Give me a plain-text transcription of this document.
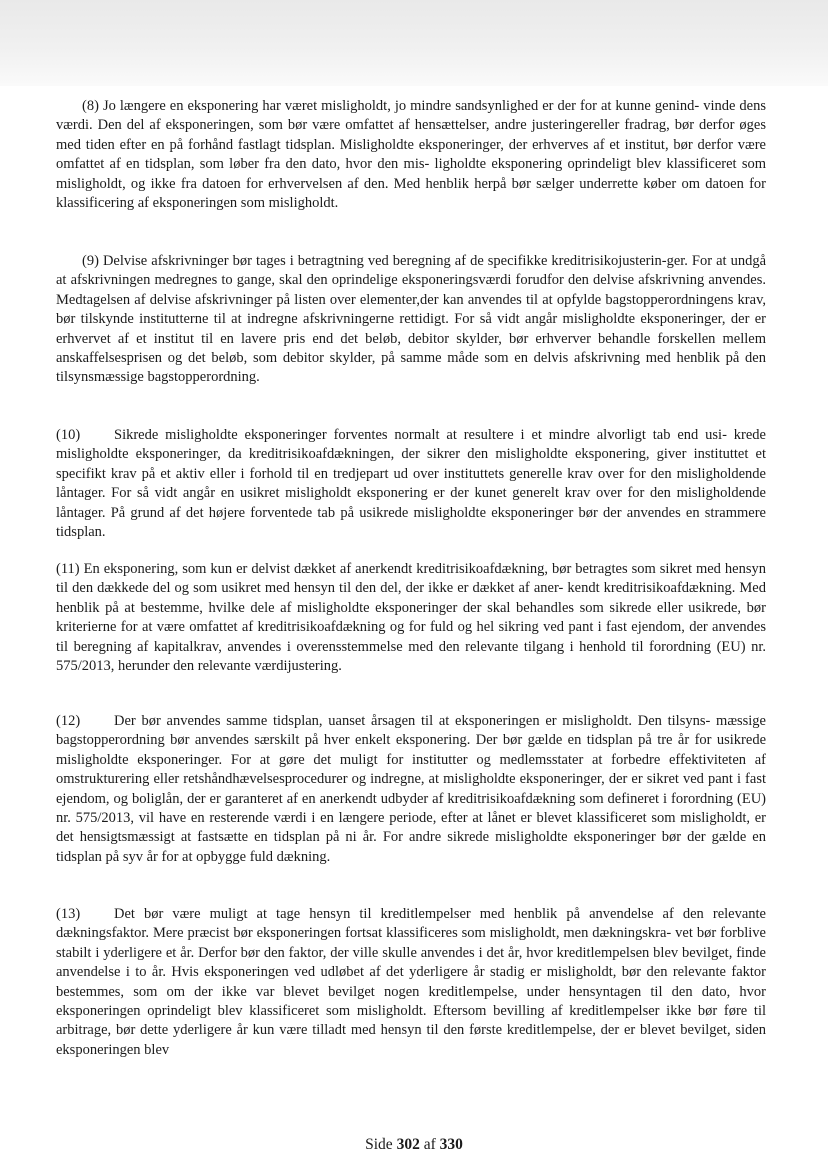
(8) Jo længere en eksponering har været misligholdt, jo mindre sandsynlighed er der for at kunne genind- vinde dens værdi. Den del af eksponeringen, som bør være omfattet af hensættelser, andre justeringereller fradrag, bør derfor øges med tiden efter en på forhånd fastlagt tidsplan. Misligholdte eksponeringer, der erhverves af et institut, bør derfor være omfattet af en tidsplan, som løber fra den dato, hvor den mis- ligholdte eksponering oprindeligt blev klassificeret som misligholdt, og ikke fra datoen for erhvervelsen af den. Med henblik herpå bør sælger underrette køber om datoen for klassificering af eksponeringen som misligholdt.
(9) Delvise afskrivninger bør tages i betragtning ved beregning af de specifikke kreditrisikojusterin-ger. For at undgå at afskrivningen medregnes to gange, skal den oprindelige eksponeringsværdi forudfor den delvise afskrivning anvendes. Medtagelsen af delvise afskrivninger på listen over elementer,der kan anvendes til at opfylde bagstopperordningens krav, bør tilskynde institutterne til at indregne afskrivningerne rettidigt. For så vidt angår misligholdte eksponeringer, der er erhvervet af et institut til en lavere pris end det beløb, debitor skylder, bør erhverver behandle forskellen mellem anskaffelsesprisen og det beløb, som debitor skylder, på samme måde som en delvis afskrivning med henblik på den tilsynsmæssige bagstopperordning.
(10) Sikrede misligholdte eksponeringer forventes normalt at resultere i et mindre alvorligt tab end usi- krede misligholdte eksponeringer, da kreditrisikoafdækningen, der sikrer den misligholdte eksponering, giver instituttet et specifikt krav på et aktiv eller i forhold til en tredjepart ud over instituttets generelle krav over for den misligholdende låntager. For så vidt angår en usikret misligholdt eksponering er der kunet generelt krav over for den misligholdende låntager. På grund af det højere forventede tab på usikrede misligholdte eksponeringer bør der anvendes en strammere tidsplan.
(11) En eksponering, som kun er delvist dækket af anerkendt kreditrisikoafdækning, bør betragtes som sikret med hensyn til den dækkede del og som usikret med hensyn til den del, der ikke er dækket af aner- kendt kreditrisikoafdækning. Med henblik på at bestemme, hvilke dele af misligholdte eksponeringer der skal behandles som sikrede eller usikrede, bør kriterierne for at være omfattet af kreditrisikoafdækning og for fuld og hel sikring ved pant i fast ejendom, der anvendes til beregning af kapitalkrav, anvendes i overensstemmelse med den relevante tilgang i henhold til forordning (EU) nr. 575/2013, herunder den relevante værdijustering.
(12) Der bør anvendes samme tidsplan, uanset årsagen til at eksponeringen er misligholdt. Den tilsyns- mæssige bagstopperordning bør anvendes særskilt på hver enkelt eksponering. Der bør gælde en tidsplan på tre år for usikrede misligholdte eksponeringer. For at gøre det muligt for institutter og medlemsstater at forbedre effektiviteten af omstrukturering eller retshåndhævelsesprocedurer og indregne, at misligholdte eksponeringer, der er sikret ved pant i fast ejendom, og boliglån, der er garanteret af en anerkendt udbyder af kreditrisikoafdækning som defineret i forordning (EU) nr. 575/2013, vil have en resterende værdi i en længere periode, efter at lånet er blevet klassificeret som misligholdt, er det hensigtsmæssigt at fastsætte en tidsplan på ni år. For andre sikrede misligholdte eksponeringer bør der gælde en tidsplan på syv år for at opbygge fuld dækning.
(13) Det bør være muligt at tage hensyn til kreditlempelser med henblik på anvendelse af den relevante dækningsfaktor. Mere præcist bør eksponeringen fortsat klassificeres som misligholdt, men dækningskra- vet bør forblive stabilt i yderligere et år. Derfor bør den faktor, der ville skulle anvendes i det år, hvor kreditlempelsen blev bevilget, finde anvendelse i to år. Hvis eksponeringen ved udløbet af det yderligere år stadig er misligholdt, bør den relevante faktor bestemmes, som om der ikke var blevet bevilget nogen kreditlempelse, under hensyntagen til den dato, hvor eksponeringen oprindeligt blev klassificeret som misligholdt. Eftersom bevilling af kreditlempelser ikke bør føre til arbitrage, bør dette yderligere år kun være tilladt med hensyn til den første kreditlempelse, der er blevet bevilget, siden eksponeringen blev
Side 302 af 330
